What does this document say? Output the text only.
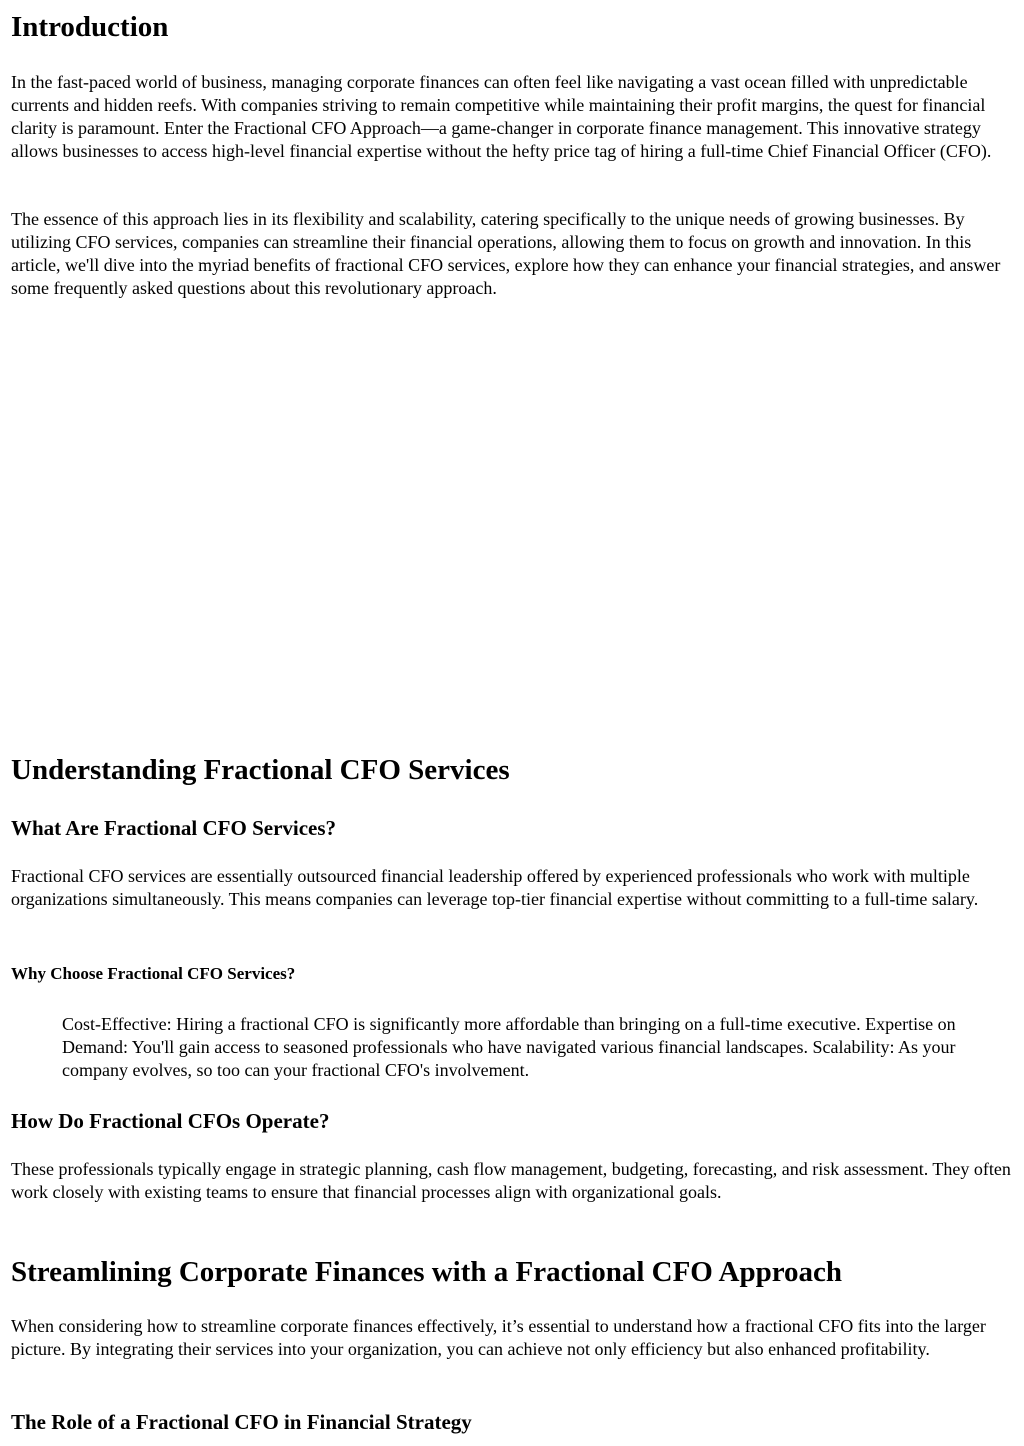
Introduction

In the fast-paced world of business, managing corporate finances can often feel like navigating a vast ocean filled with unpredictable currents and hidden reefs. With companies striving to remain competitive while maintaining their profit margins, the quest for financial clarity is paramount. Enter the Fractional CFO Approach—a game-changer in corporate finance management. This innovative strategy allows businesses to access high-level financial expertise without the hefty price tag of hiring a full-time Chief Financial Officer (CFO).

The essence of this approach lies in its flexibility and scalability, catering specifically to the unique needs of growing businesses. By utilizing CFO services, companies can streamline their financial operations, allowing them to focus on growth and innovation. In this article, we'll dive into the myriad benefits of fractional CFO services, explore how they can enhance your financial strategies, and answer some frequently asked questions about this revolutionary approach.

Understanding Fractional CFO Services
What Are Fractional CFO Services?

Fractional CFO services are essentially outsourced financial leadership offered by experienced professionals who work with multiple organizations simultaneously. This means companies can leverage top-tier financial expertise without committing to a full-time salary.

Why Choose Fractional CFO Services?

Cost-Effective: Hiring a fractional CFO is significantly more affordable than bringing on a full-time executive. Expertise on Demand: You'll gain access to seasoned professionals who have navigated various financial landscapes. Scalability: As your company evolves, so too can your fractional CFO's involvement.

How Do Fractional CFOs Operate?

These professionals typically engage in strategic planning, cash flow management, budgeting, forecasting, and risk assessment. They often work closely with existing teams to ensure that financial processes align with organizational goals.

Streamlining Corporate Finances with a Fractional CFO Approach

When considering how to streamline corporate finances effectively, it’s essential to understand how a fractional CFO fits into the larger picture. By integrating their services into your organization, you can achieve not only efficiency but also enhanced profitability.

The Role of a Fractional CFO in Financial Strategy
